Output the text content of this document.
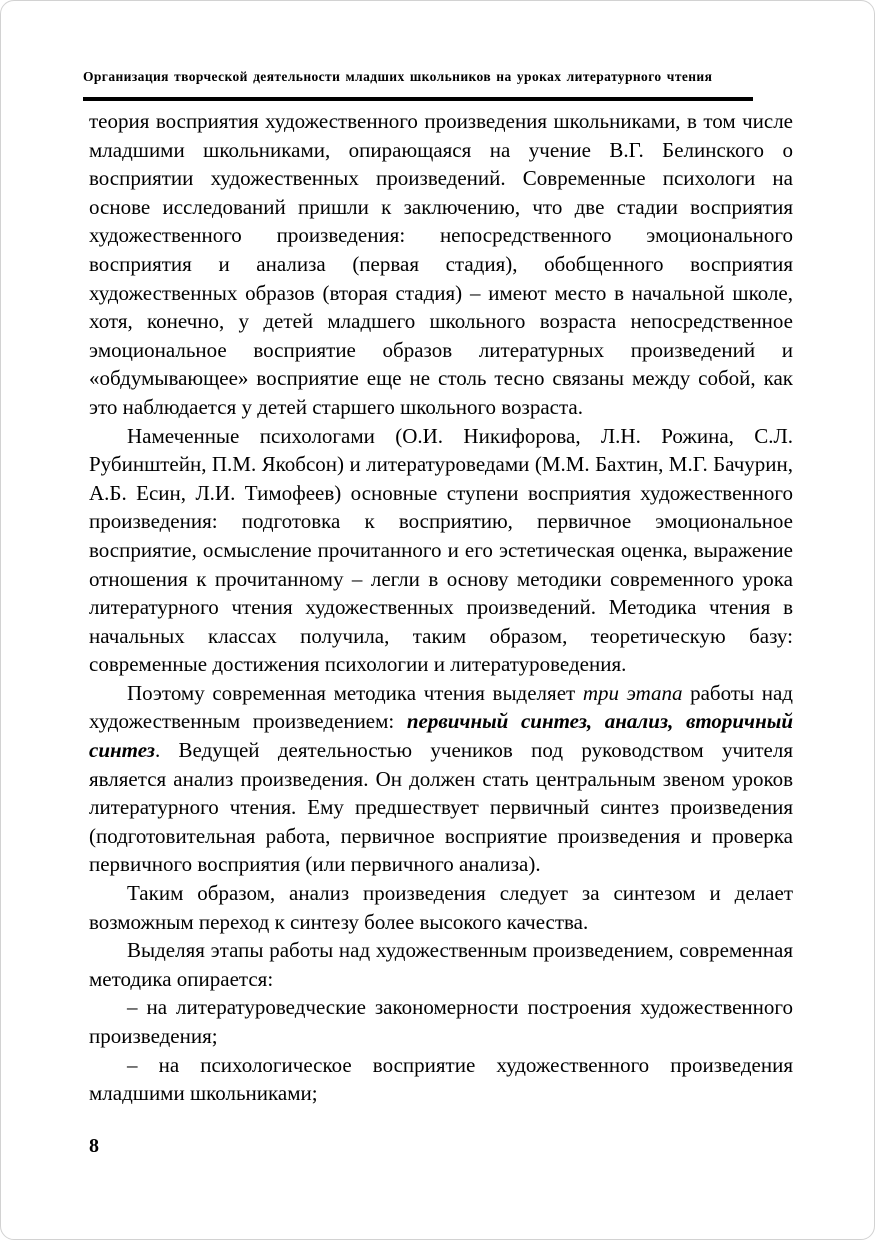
Организация творческой деятельности младших школьников на уроках литературного чтения

теория восприятия художественного произведения школьниками, в том числе младшими школьниками, опирающаяся на учение В.Г. Белинского о восприятии художественных произведений. Современные психологи на основе исследований пришли к заключению, что две стадии восприятия художественного произведения: непосредственного эмоционального восприятия и анализа (первая стадия), обобщенного восприятия художественных образов (вторая стадия) – имеют место в начальной школе, хотя, конечно, у детей младшего школьного возраста непосредственное эмоциональное восприятие образов литературных произведений и «обдумывающее» восприятие еще не столь тесно связаны между собой, как это наблюдается у детей старшего школьного возраста.

Намеченные психологами (О.И. Никифорова, Л.Н. Рожина, С.Л. Рубинштейн, П.М. Якобсон) и литературоведами (М.М. Бахтин, М.Г. Бачурин, А.Б. Есин, Л.И. Тимофеев) основные ступени восприятия художественного произведения: подготовка к восприятию, первичное эмоциональное восприятие, осмысление прочитанного и его эстетическая оценка, выражение отношения к прочитанному – легли в основу методики современного урока литературного чтения художественных произведений. Методика чтения в начальных классах получила, таким образом, теоретическую базу: современные достижения психологии и литературоведения.

Поэтому современная методика чтения выделяет три этапа работы над художественным произведением: первичный синтез, анализ, вторичный синтез. Ведущей деятельностью учеников под руководством учителя является анализ произведения. Он должен стать центральным звеном уроков литературного чтения. Ему предшествует первичный синтез произведения (подготовительная работа, первичное восприятие произведения и проверка первичного восприятия (или первичного анализа).

Таким образом, анализ произведения следует за синтезом и делает возможным переход к синтезу более высокого качества.

Выделяя этапы работы над художественным произведением, современная методика опирается:

– на литературоведческие закономерности построения художественного произведения;

– на психологическое восприятие художественного произведения младшими школьниками;

8
